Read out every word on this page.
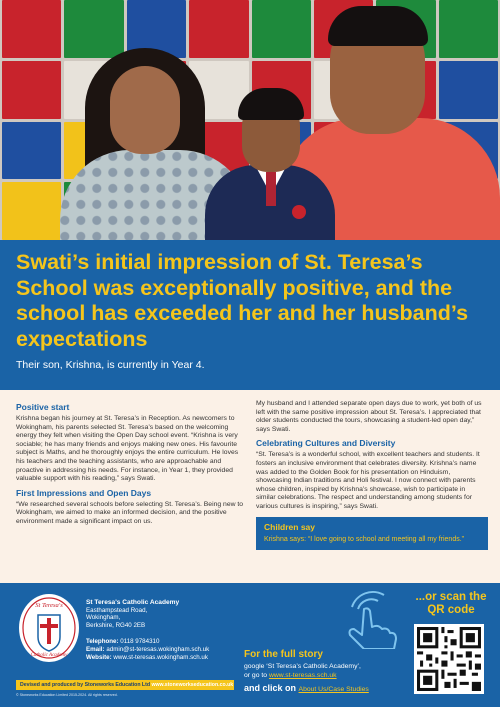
Swati’s initial impression of St. Teresa’s School was exceptionally positive, and the school has exceeded her and her husband’s expectations
Their son, Krishna, is currently in Year 4.
Positive start
Krishna began his journey at St. Teresa’s in Reception. As newcomers to Wokingham, his parents selected St. Teresa’s based on the welcoming energy they felt when visiting the Open Day school event. “Krishna is very sociable; he has many friends and enjoys making new ones. His favourite subject is Maths, and he thoroughly enjoys the entire curriculum. He loves his teachers and the teaching assistants, who are approachable and proactive in addressing his needs. For instance, in Year 1, they provided valuable support with his reading,” says Swati.
First Impressions and Open Days
“We researched several schools before selecting St. Teresa’s. Being new to Wokingham, we aimed to make an informed decision, and the positive environment made a significant impact on us.
My husband and I attended separate open days due to work, yet both of us left with the same positive impression about St. Teresa’s. I appreciated that older students conducted the tours, showcasing a student-led open day,” says Swati.
Celebrating Cultures and Diversity
“St. Teresa’s is a wonderful school, with excellent teachers and students. It fosters an inclusive environment that celebrates diversity. Krishna’s name was added to the Golden Book for his presentation on Hinduism, showcasing Indian traditions and Holi festival. I now connect with parents whose children, inspired by Krishna’s showcase, wish to participate in similar celebrations. The respect and understanding among students for various cultures is inspiring,” says Swati.
Children say
Krishna says: “I love going to school and meeting all my friends.”
St Teresa's
Catholic Academy
St Teresa's Catholic Academy
Easthampstead Road,
Wokingham,
Berkshire, RG40 2EB
Telephone: 0118 9784310
Email: admin@st-teresas.wokingham.sch.uk
Website: www.st-teresas.wokingham.sch.uk
Devised and produced by Stoneworks Education Ltd www.stoneworkseducation.co.uk
© Stoneworks Education Limited 2015-2024. All rights reserved.
...or scan the
QR code
For the full story
google ‘St Teresa’s Catholic Academy’,
or go to www.st-teresas.sch.uk
and click on About Us/Case Studies
